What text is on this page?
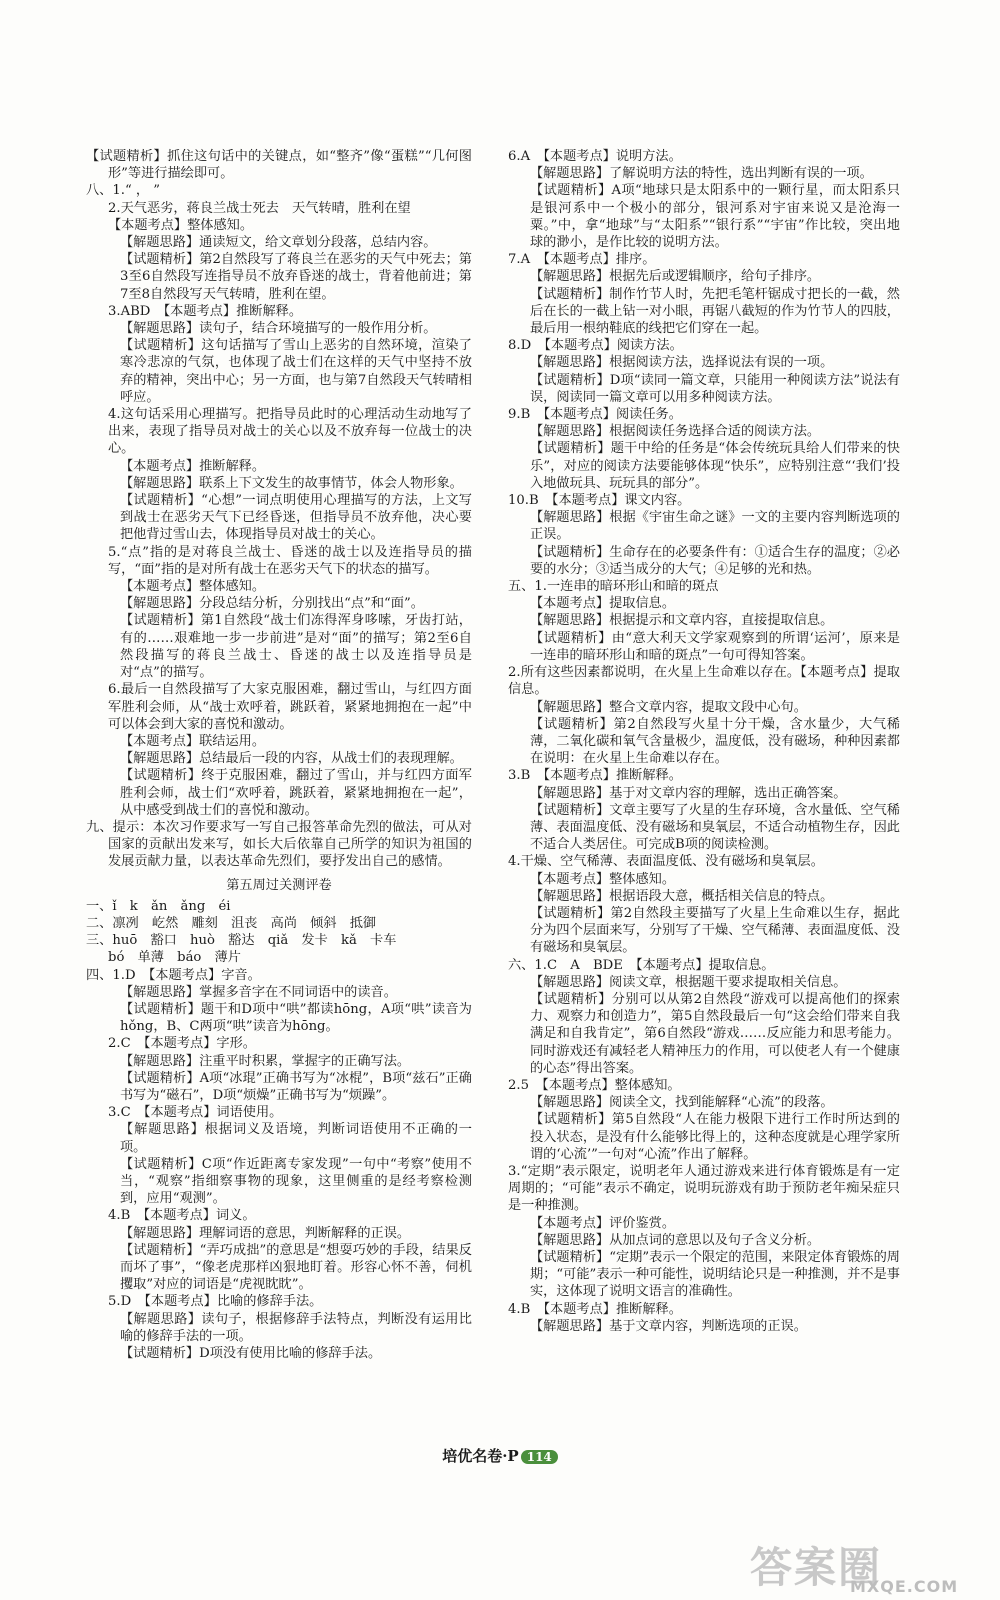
【试题精析】抓住这句话中的关键点，如“整齐”像“蛋糕”“几何图形”等进行描绘即可。

八、1.“ ， ”

2.天气恶劣，蒋良兰战士死去　天气转晴，胜利在望

【本题考点】整体感知。

【解题思路】通读短文，给文章划分段落，总结内容。

【试题精析】第2自然段写了蒋良兰在恶劣的天气中死去；第3至6自然段写连指导员不放弃昏迷的战士，背着他前进；第7至8自然段写天气转晴，胜利在望。

3.ABD　【本题考点】推断解释。

【解题思路】读句子，结合环境描写的一般作用分析。

【试题精析】这句话描写了雪山上恶劣的自然环境，渲染了寒冷悲凉的气氛，也体现了战士们在这样的天气中坚持不放弃的精神，突出中心；另一方面，也与第7自然段天气转晴相呼应。

4.这句话采用心理描写。把指导员此时的心理活动生动地写了出来，表现了指导员对战士的关心以及不放弃每一位战士的决心。

【本题考点】推断解释。

【解题思路】联系上下文发生的故事情节，体会人物形象。

【试题精析】“心想”一词点明使用心理描写的方法，上文写到战士在恶劣天气下已经昏迷，但指导员不放弃他，决心要把他背过雪山去，体现指导员对战士的关心。

5.“点”指的是对蒋良兰战士、昏迷的战士以及连指导员的描写，“面”指的是对所有战士在恶劣天气下的状态的描写。

【本题考点】整体感知。

【解题思路】分段总结分析，分别找出“点”和“面”。

【试题精析】第1自然段“战士们冻得浑身哆嗦，牙齿打站，有的……艰难地一步一步前进”是对“面”的描写；第2至6自然段描写的蒋良兰战士、昏迷的战士以及连指导员是对“点”的描写。

6.最后一自然段描写了大家克服困难，翻过雪山，与红四方面军胜利会师，从“战士欢呼着，跳跃着，紧紧地拥抱在一起”中可以体会到大家的喜悦和激动。

【本题考点】联结运用。

【解题思路】总结最后一段的内容，从战士们的表现理解。

【试题精析】终于克服困难，翻过了雪山，并与红四方面军胜利会师，战士们“欢呼着，跳跃着，紧紧地拥抱在一起”，从中感受到战士们的喜悦和激动。

九、提示：本次习作要求写一写自己报答革命先烈的做法，可从对国家的贡献出发来写，如长大后依靠自己所学的知识为祖国的发展贡献力量，以表达革命先烈们，要抒发出自己的感情。

第五周过关测评卷

一、ǐ　k　ǎn　ǎng　éi

二、凛冽　屹然　雕刻　沮丧　高尚　倾斜　抵御

三、huō　豁口　huò　豁达　qiǎ　发卡　kǎ　卡车

bó　单薄　báo　薄片

四、1.D　【本题考点】字音。

【解题思路】掌握多音字在不同词语中的读音。

【试题精析】题干和D项中“哄”都读hōng，A项“哄”读音为hǒng，B、C两项“哄”读音为hōng。

2.C　【本题考点】字形。

【解题思路】注重平时积累，掌握字的正确写法。

【试题精析】A项“冰琨”正确书写为“冰棍”，B项“兹石”正确书写为“磁石”，D项“烦燥”正确书写为“烦躁”。

3.C　【本题考点】词语使用。

【解题思路】根据词义及语境，判断词语使用不正确的一项。

【试题精析】C项“作近距离专家发现”一句中“考察”使用不当，“观察”指细察事物的现象，这里侧重的是经考察检测到，应用“观测”。

4.B　【本题考点】词义。

【解题思路】理解词语的意思，判断解释的正误。

【试题精析】“弄巧成拙”的意思是“想耍巧妙的手段，结果反而坏了事”，“像老虎那样凶狠地盯着。形容心怀不善，伺机攫取”对应的词语是“虎视眈眈”。

5.D　【本题考点】比喻的修辞手法。

【解题思路】读句子，根据修辞手法特点，判断没有运用比喻的修辞手法的一项。

【试题精析】D项没有使用比喻的修辞手法。

6.A　【本题考点】说明方法。

【解题思路】了解说明方法的特性，选出判断有误的一项。

【试题精析】A项“地球只是太阳系中的一颗行星，而太阳系只是银河系中一个极小的部分，银河系对宇宙来说又是沧海一粟。”中，拿“地球”与“太阳系”“银行系”“宇宙”作比较，突出地球的渺小，是作比较的说明方法。

7.A　【本题考点】排序。

【解题思路】根据先后或逻辑顺序，给句子排序。

【试题精析】制作竹节人时，先把毛笔杆锯成寸把长的一截，然后在长的一截上钻一对小眼，再锯八截短的作为竹节人的四肢，最后用一根纳鞋底的线把它们穿在一起。

8.D　【本题考点】阅读方法。

【解题思路】根据阅读方法，选择说法有误的一项。

【试题精析】D项“读同一篇文章，只能用一种阅读方法”说法有误，阅读同一篇文章可以用多种阅读方法。

9.B　【本题考点】阅读任务。

【解题思路】根据阅读任务选择合适的阅读方法。

【试题精析】题干中给的任务是“体会传统玩具给人们带来的快乐”，对应的阅读方法要能够体现“快乐”，应特别注意“‘我们’投入地做玩具、玩玩具的部分”。

10.B　【本题考点】课文内容。

【解题思路】根据《宇宙生命之谜》一文的主要内容判断选项的正误。

【试题精析】生命存在的必要条件有：①适合生存的温度；②必要的水分；③适当成分的大气；④足够的光和热。

五、1.一连串的暗环形山和暗的斑点

【本题考点】提取信息。

【解题思路】根据提示和文章内容，直接提取信息。

【试题精析】由“意大利天文学家观察到的所谓‘运河’，原来是一连串的暗环形山和暗的斑点”一句可得知答案。

2.所有这些因素都说明，在火星上生命难以存在。【本题考点】提取信息。

【解题思路】整合文章内容，提取文段中心句。

【试题精析】第2自然段写火星十分干燥，含水量少，大气稀薄，二氧化碳和氧气含量极少，温度低，没有磁场，种种因素都在说明：在火星上生命难以存在。

3.B　【本题考点】推断解释。

【解题思路】基于对文章内容的理解，选出正确答案。

【试题精析】文章主要写了火星的生存环境，含水量低、空气稀薄、表面温度低、没有磁场和臭氧层，不适合动植物生存，因此不适合人类居住。可完成B项的阅读检测。

4.干燥、空气稀薄、表面温度低、没有磁场和臭氧层。

【本题考点】整体感知。

【解题思路】根据语段大意，概括相关信息的特点。

【试题精析】第2自然段主要描写了火星上生命难以生存，据此分为四个层面来写，分别写了干燥、空气稀薄、表面温度低、没有磁场和臭氧层。

六、1.C　A　BDE　【本题考点】提取信息。

【解题思路】阅读文章，根据题干要求提取相关信息。

【试题精析】分别可以从第2自然段“游戏可以提高他们的探索力、观察力和创造力”，第5自然段最后一句“这会给们带来自我满足和自我肯定”，第6自然段“游戏……反应能力和思考能力。同时游戏还有减轻老人精神压力的作用，可以使老人有一个健康的心态”得出答案。

2.5　【本题考点】整体感知。

【解题思路】阅读全文，找到能解释“心流”的段落。

【试题精析】第5自然段“人在能力极限下进行工作时所达到的投入状态，是没有什么能够比得上的，这种态度就是心理学家所谓的‘心流’”一句对“心流”作出了解释。

3.“定期”表示限定，说明老年人通过游戏来进行体育锻炼是有一定周期的；“可能”表示不确定，说明玩游戏有助于预防老年痴呆症只是一种推测。

【本题考点】评价鉴赏。

【解题思路】从加点词的意思以及句子含义分析。

【试题精析】“定期”表示一个限定的范围，来限定体育锻炼的周期；“可能”表示一种可能性，说明结论只是一种推测，并不是事实，这体现了说明文语言的准确性。

4.B　【本题考点】推断解释。

【解题思路】基于文章内容，判断选项的正误。

培优名卷·P 114
答案圈
MXQE.COM
